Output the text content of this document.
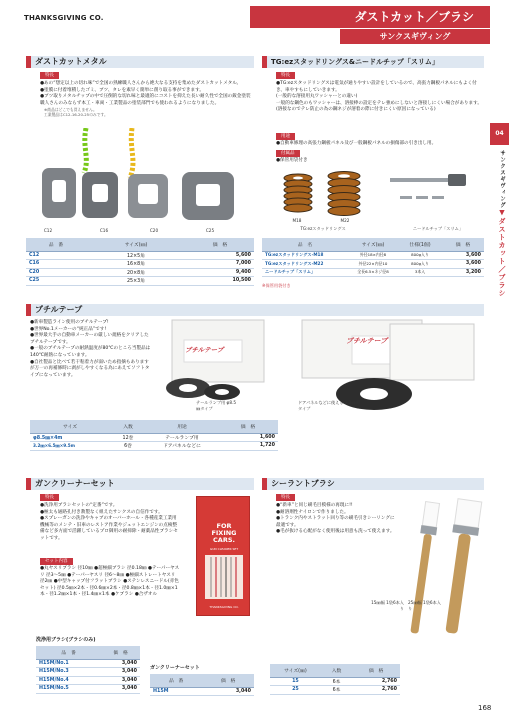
THANKSGIVING CO.	ダストカット／ブラシ
サンクスギヴィング
04
サンクスギヴィング▼ダストカット／ブラシ
ダストカットメタル
特長
●あの“想定以上の切れ味”で全国の熟練職人さんから絶大なる支持を集めたダストカットメタル。
●塗膜に付着堆積したゴミ、ブツ、タレを素早く簡単に削り取る事ができます。
●ブツ取りメタルチップの中で圧倒的な切れ味と最適的にコストを抑えた長い耐久性で全国の鈑金塗装職人さんのみならず本工・車両・工業製品の塗装部門でも使われるようになりました。
※商品はどこでも買えません。
工業製品はC12-16-20-25のみです。
C12	C16	C20	C25
品　番	サイズ(㎜)	価　格
C12	12×5角	5,600
C16	16×8角	7,000
C20	20×8角	9,400
C25	25×3角	10,500
TG:ezスタッドリングス&ニードルチップ「スリム」
特長
●TG:ezスタッドリングスは電気が通りやすい設計をしているので、高張力鋼板パネルにもよく付き、車やすもにしていきます。
(一般的な溶接用丸ワッシャーとの違い)
一般的な鋼色のもワッシャーは、溶接棒の設定をテレ強めにしないと溶接しにくい場合があります。
(溶接なのでテレ防止の為の鋼ネジが溶着の際に付きにくい原因になっている)
用途
●自動車修理の高張力鋼板パネル及び一般鋼板パネルの損傷部の引き出し用。
付属品
●保管用袋付き
M18	M22
TG:ezスタッドリングス	ニードルチップ「スリム」
品　名	サイズ(㎜)	仕様(1個)	価　格
TG:ezスタッドリングス-M18	外径18×内径8	800g入り	3,600
TG:ezスタッドリングス-M22	外径22×内径10	800g入り	3,600
ニードルチップ「スリム」	全長6.5×ネジ径8	3本入	3,200
※保管用袋付き
プチルテープ
●新車製造ライン使用のブチルテープ!
●世界No.1メーカーの“純正品”です!
●世界最大手の自動車メーカーの厳しい規格をクリアしたブチルテープです。
●一般のブチルテープの耐熱温度が80℃のところ当製品は140℃耐熱になっています。
●自社製品と比べて若干粘着力が弱いため指摘もありますが万一の再補修時に剥がしやすくなる為にあえてソフトタイプになっています。
ブチルテープ
テールランプ用 φ8.5㎜タイプ
ブチルテープ
ドアパネルなどに使える 3.2㎜厚タイプ
サイズ	入数	用途	価　格
φ8.5㎜×4m	12巻	テールランプ用	1,600
3.2㎜×6.5㎜×9.5m	6巻	ドアパネルなどに	1,720
ガンクリーナーセット
特長
●洗浄用ブラシセットの“定番”です。
●極太も通路孔付き教製なく組えたサンクスの自信作です。
●スプレーガンの洗浄やキャブのオーバーホール・各種産業工業用機械等のメンテ・旧車のレストア作業やジェットエンジンの点検整備など多方面で活躍しているプロ御用の耐掃除・耐薬品性ブラシセットです。
セット内容
●丸ヤスリブラシ 径10㎜ ●超極細ブラシ 径0.18㎜ ●テーパーヤスリ 径3〜5㎜ ●テーパーヤスリ 径6〜8㎜ ●極細ストレートヤスリ 径2㎜ ●中型キャップ付フラットブラシ ●ステンレスニードル(赤色セット) 径0.5㎜×2本・径0.6㎜×2本・径0.8㎜×1本・径1.0㎜×1本・径1.2㎜×1本・径1.4㎜×1本 ●ケブラシ ●合ザオル
FOR
FIXING
CARS.
GUN CLEANER SET
THANKSGIVING CO.
洗浄用ブラシ(ブラシのみ)
品　番	価　格
H15M/No.1	3,040
H15M/No.3	3,040
H15M/No.4	3,040
H15M/No.5	3,040
ガンクリーナーセット
品　番	価　格
H15M	3,040
シーラントブラシ
特長
●“新車”と同じ刷毛目模様の再現に!!
●耐溶剤性ナイロンで作りました。
●トランク内やストラット回り等の刷毛引きシーリングに最適です。
●毛が抜ける心配がなく使用後は用意も洗って使えます。
15㎜幅 1袋6本入り
25㎜幅 1袋6本入り
サイズ(㎜)	入数	価　格
15	6本	2,760
25	6本	2,760
168
